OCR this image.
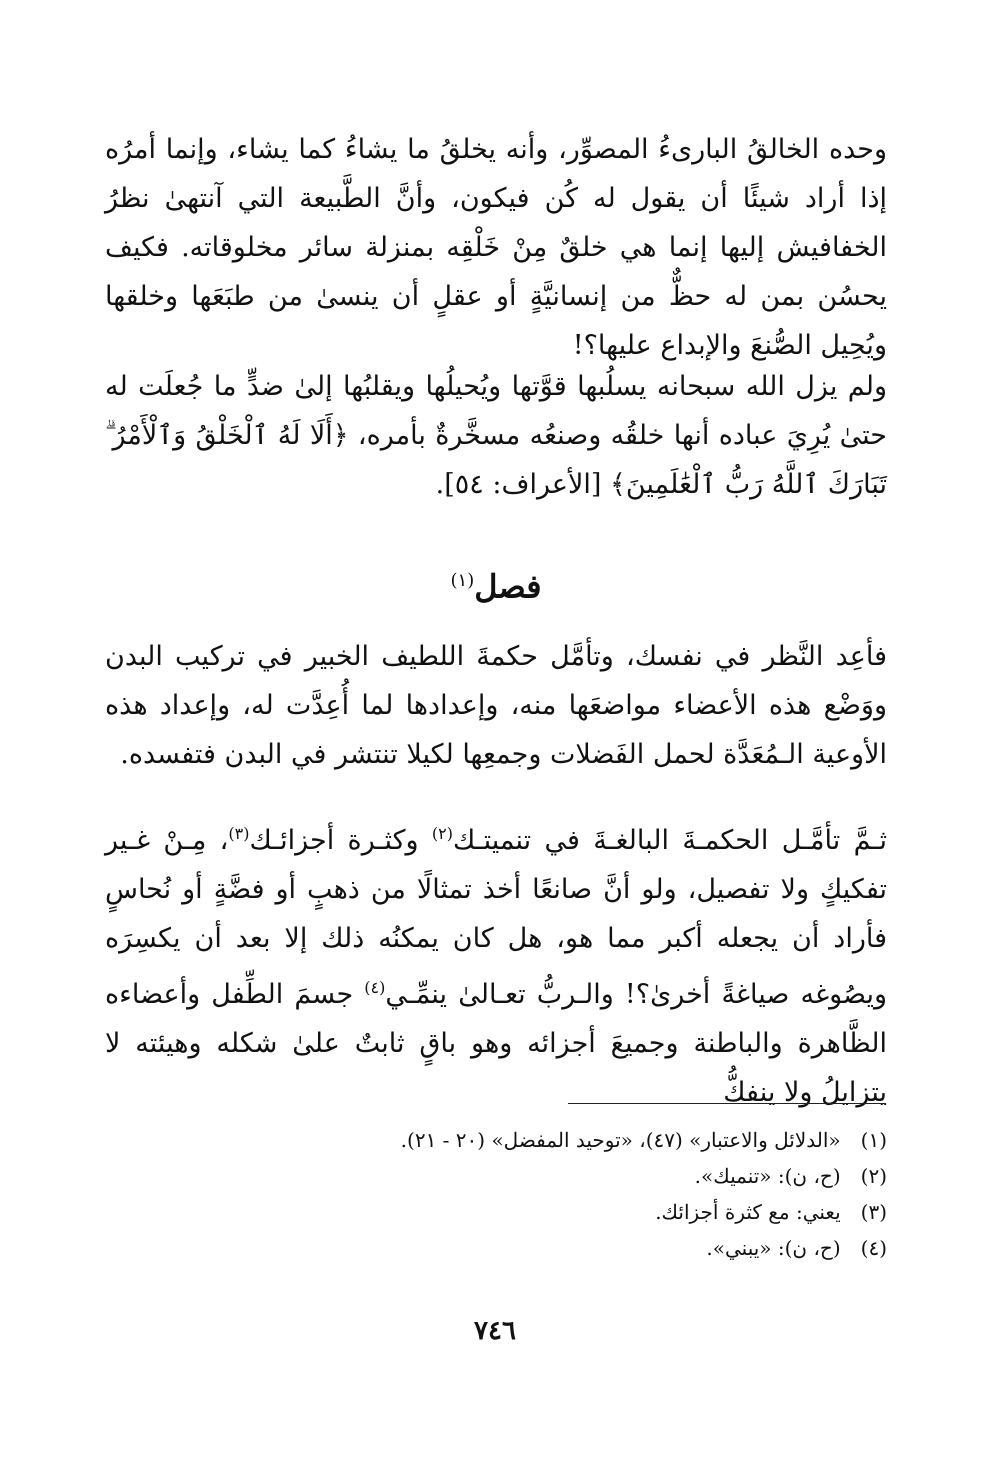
وحده الخالقُ البارىءُ المصوِّر، وأنه يخلقُ ما يشاءُ كما يشاء، وإنما أمرُه إذا أراد شيئًا أن يقول له كُن فيكون، وأنَّ الطَّبيعة التي آنتهىٰ نظرُ الخفافيش إليها إنما هي خلقٌ مِنْ خَلْقِه بمنزلة سائر مخلوقاته. فكيف يحسُن بمن له حظٌّ من إنسانيَّةٍ أو عقلٍ أن ينسىٰ من طبَعَها وخلقها ويُحِيل الصُّنعَ والإبداع عليها؟!

ولم يزل الله سبحانه يسلُبها قوَّتها ويُحيلُها ويقلبُها إلىٰ ضدٍّ ما جُعلَت له حتىٰ يُرِيَ عباده أنها خلقُه وصنعُه مسخَّرةٌ بأمره، ﴿أَلَا لَهُ ٱلْخَلْقُ وَٱلْأَمْرُ ۗ تَبَارَكَ ٱللَّهُ رَبُّ ٱلْعَٰلَمِينَ﴾ [الأعراف: ٥٤].

فصل$^{(١)}$

فأعِد النَّظر في نفسك، وتأمَّل حكمةَ اللطيف الخبير في تركيب البدن ووَضْع هذه الأعضاء مواضعَها منه، وإعدادها لما أُعِدَّت له، وإعداد هذه الأوعية الـمُعَدَّة لحمل الفَضلات وجمعِها لكيلا تنتشر في البدن فتفسده.

ثـمَّ تأمَّـل الحكمـةَ البالغـةَ في تنميتـك$^{(٢)}$ وكثـرة أجزائـك$^{(٣)}$، مِـنْ غـير تفكيكٍ ولا تفصيل، ولو أنَّ صانعًا أخذ تمثالًا من ذهبٍ أو فضَّةٍ أو نُحاسٍ فأراد أن يجعله أكبر مما هو، هل كان يمكنُه ذلك إلا بعد أن يكسِرَه ويصُوغه صياغةً أخرىٰ؟! والـربُّ تعـالىٰ ينمِّـي$^{(٤)}$ جسمَ الطِّفل وأعضاءه الظَّاهرة والباطنة وجميعَ أجزائه وهو باقٍ ثابتٌ علىٰ شكله وهيئته لا يتزايلُ ولا ينفكُّ

(١) «الدلائل والاعتبار» (٤٧)، «توحيد المفضل» (٢٠ - ٢١).
(٢) (ح، ن): «تنميك».
(٣) يعني: مع كثرة أجزائك.
(٤) (ح، ن): «يبني».
٧٤٦
